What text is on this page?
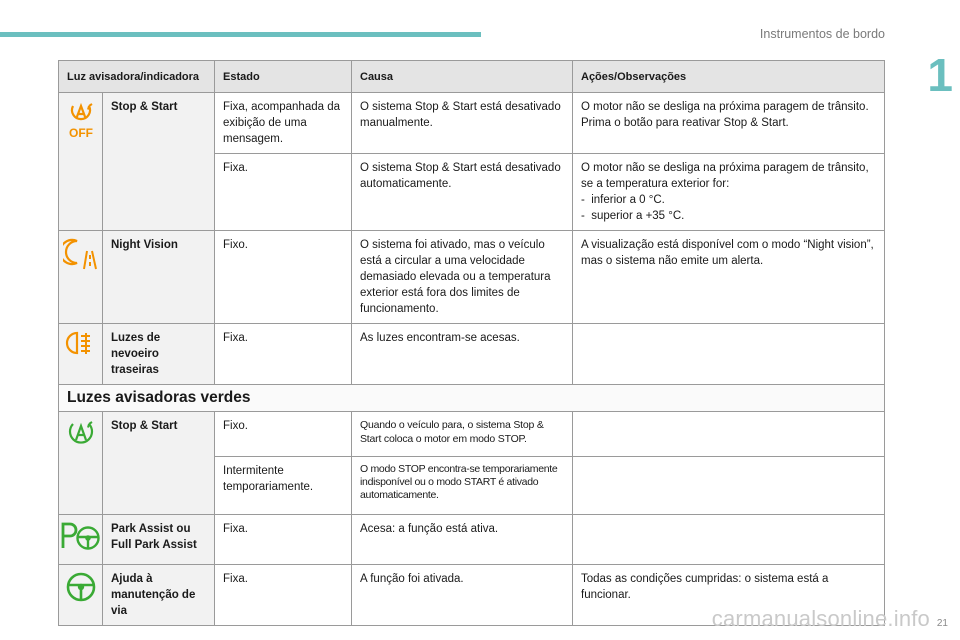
Instrumentos de bordo
1
Luz avisadora/indicadora		Estado	Causa	Ações/Observações

OFF	Stop & Start	Fixa, acompanhada da exibição de uma mensagem.	O sistema Stop & Start está desativado manualmente.	O motor não se desliga na próxima paragem de trânsito.
Prima o botão para reativar Stop & Start.

		Fixa.	O sistema Stop & Start está desativado automaticamente.	O motor não se desliga na próxima paragem de trânsito, se a temperatura exterior for:
-  inferior a 0 °C.
-  superior a +35 °C.

	Night Vision	Fixo.	O sistema foi ativado, mas o veículo está a circular a uma velocidade demasiado elevada ou a temperatura exterior está fora dos limites de funcionamento.	A visualização está disponível com o modo “Night vision”, mas o sistema não emite um alerta.

	Luzes de nevoeiro traseiras	Fixa.	As luzes encontram-se acesas.	
Luzes avisadoras verdes				

	Stop & Start	Fixo.	Quando o veículo para, o sistema Stop & Start coloca o motor em modo STOP.	
		Intermitente temporariamente.	O modo STOP encontra-se temporariamente indisponível ou o modo START é ativado automaticamente.	

	Park Assist ou Full Park Assist	Fixa.	Acesa: a função está ativa.	

	Ajuda à manutenção de via	Fixa.	A função foi ativada.	Todas as condições cumpridas: o sistema está a funcionar.
carmanualsonline.info 21
